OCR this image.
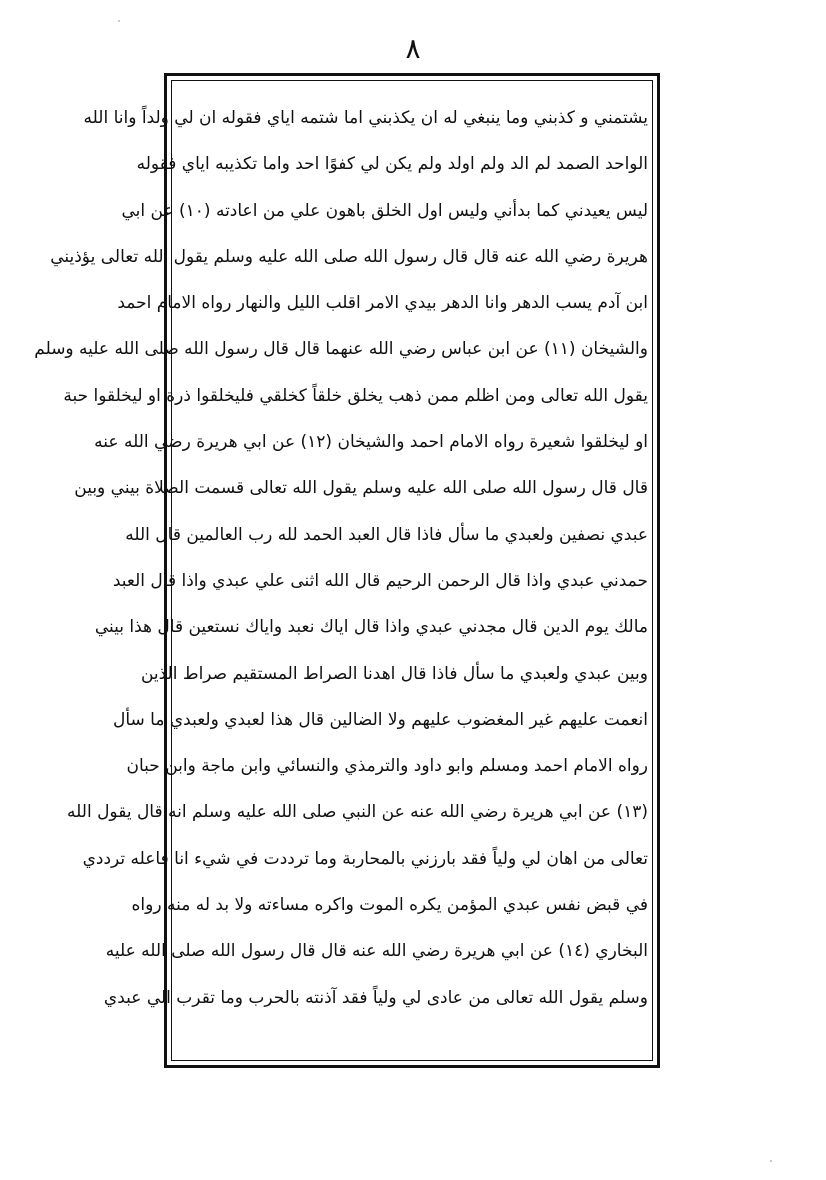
٨
يشتمني و كذبني وما ينبغي له ان يكذبني اما شتمه اياي فقوله ان لي ولداً وانا الله
الواحد الصمد لم الد ولم اولد ولم يكن لي كفوًا احد واما تكذيبه اياي فقوله
ليس يعيدني كما بدأني وليس اول الخلق باهون علي من اعادته (١٠) عن ابي
هريرة رضي الله عنه قال قال رسول الله صلى الله عليه وسلم يقول الله تعالى يؤذيني
ابن آدم يسب الدهر وانا الدهر بيدي الامر اقلب الليل والنهار رواه الامام احمد
والشيخان (١١) عن ابن عباس رضي الله عنهما قال قال رسول الله صلى الله عليه وسلم
يقول الله تعالى ومن اظلم ممن ذهب يخلق خلقاً كخلقي فليخلقوا ذرة او ليخلقوا حبة
او ليخلقوا شعيرة رواه الامام احمد والشيخان (١٢) عن ابي هريرة رضي الله عنه
قال قال رسول الله صلى الله عليه وسلم يقول الله تعالى قسمت الصلاة بيني وبين
عبدي نصفين ولعبدي ما سأل فاذا قال العبد الحمد لله رب العالمين قال الله
حمدني عبدي واذا قال الرحمن الرحيم قال الله اثنى علي عبدي واذا قال العبد
مالك يوم الدين قال مجدني عبدي واذا قال اياك نعبد واياك نستعين قال هذا بيني
وبين عبدي ولعبدي ما سأل فاذا قال اهدنا الصراط المستقيم صراط الذين
انعمت عليهم غير المغضوب عليهم ولا الضالين قال هذا لعبدي ولعبدي ما سأل
رواه الامام احمد ومسلم وابو داود والترمذي والنسائي وابن ماجة وابن حبان
(١٣) عن ابي هريرة رضي الله عنه عن النبي صلى الله عليه وسلم انه قال يقول الله
تعالى من اهان لي ولياً فقد بارزني بالمحاربة وما ترددت في شيء انا فاعله ترددي
في قبض نفس عبدي المؤمن يكره الموت واكره مساءته ولا بد له منه رواه
البخاري (١٤) عن ابي هريرة رضي الله عنه قال قال رسول الله صلى الله عليه
وسلم يقول الله تعالى من عادى لي ولياً فقد آذنته بالحرب وما تقرب الي عبدي
